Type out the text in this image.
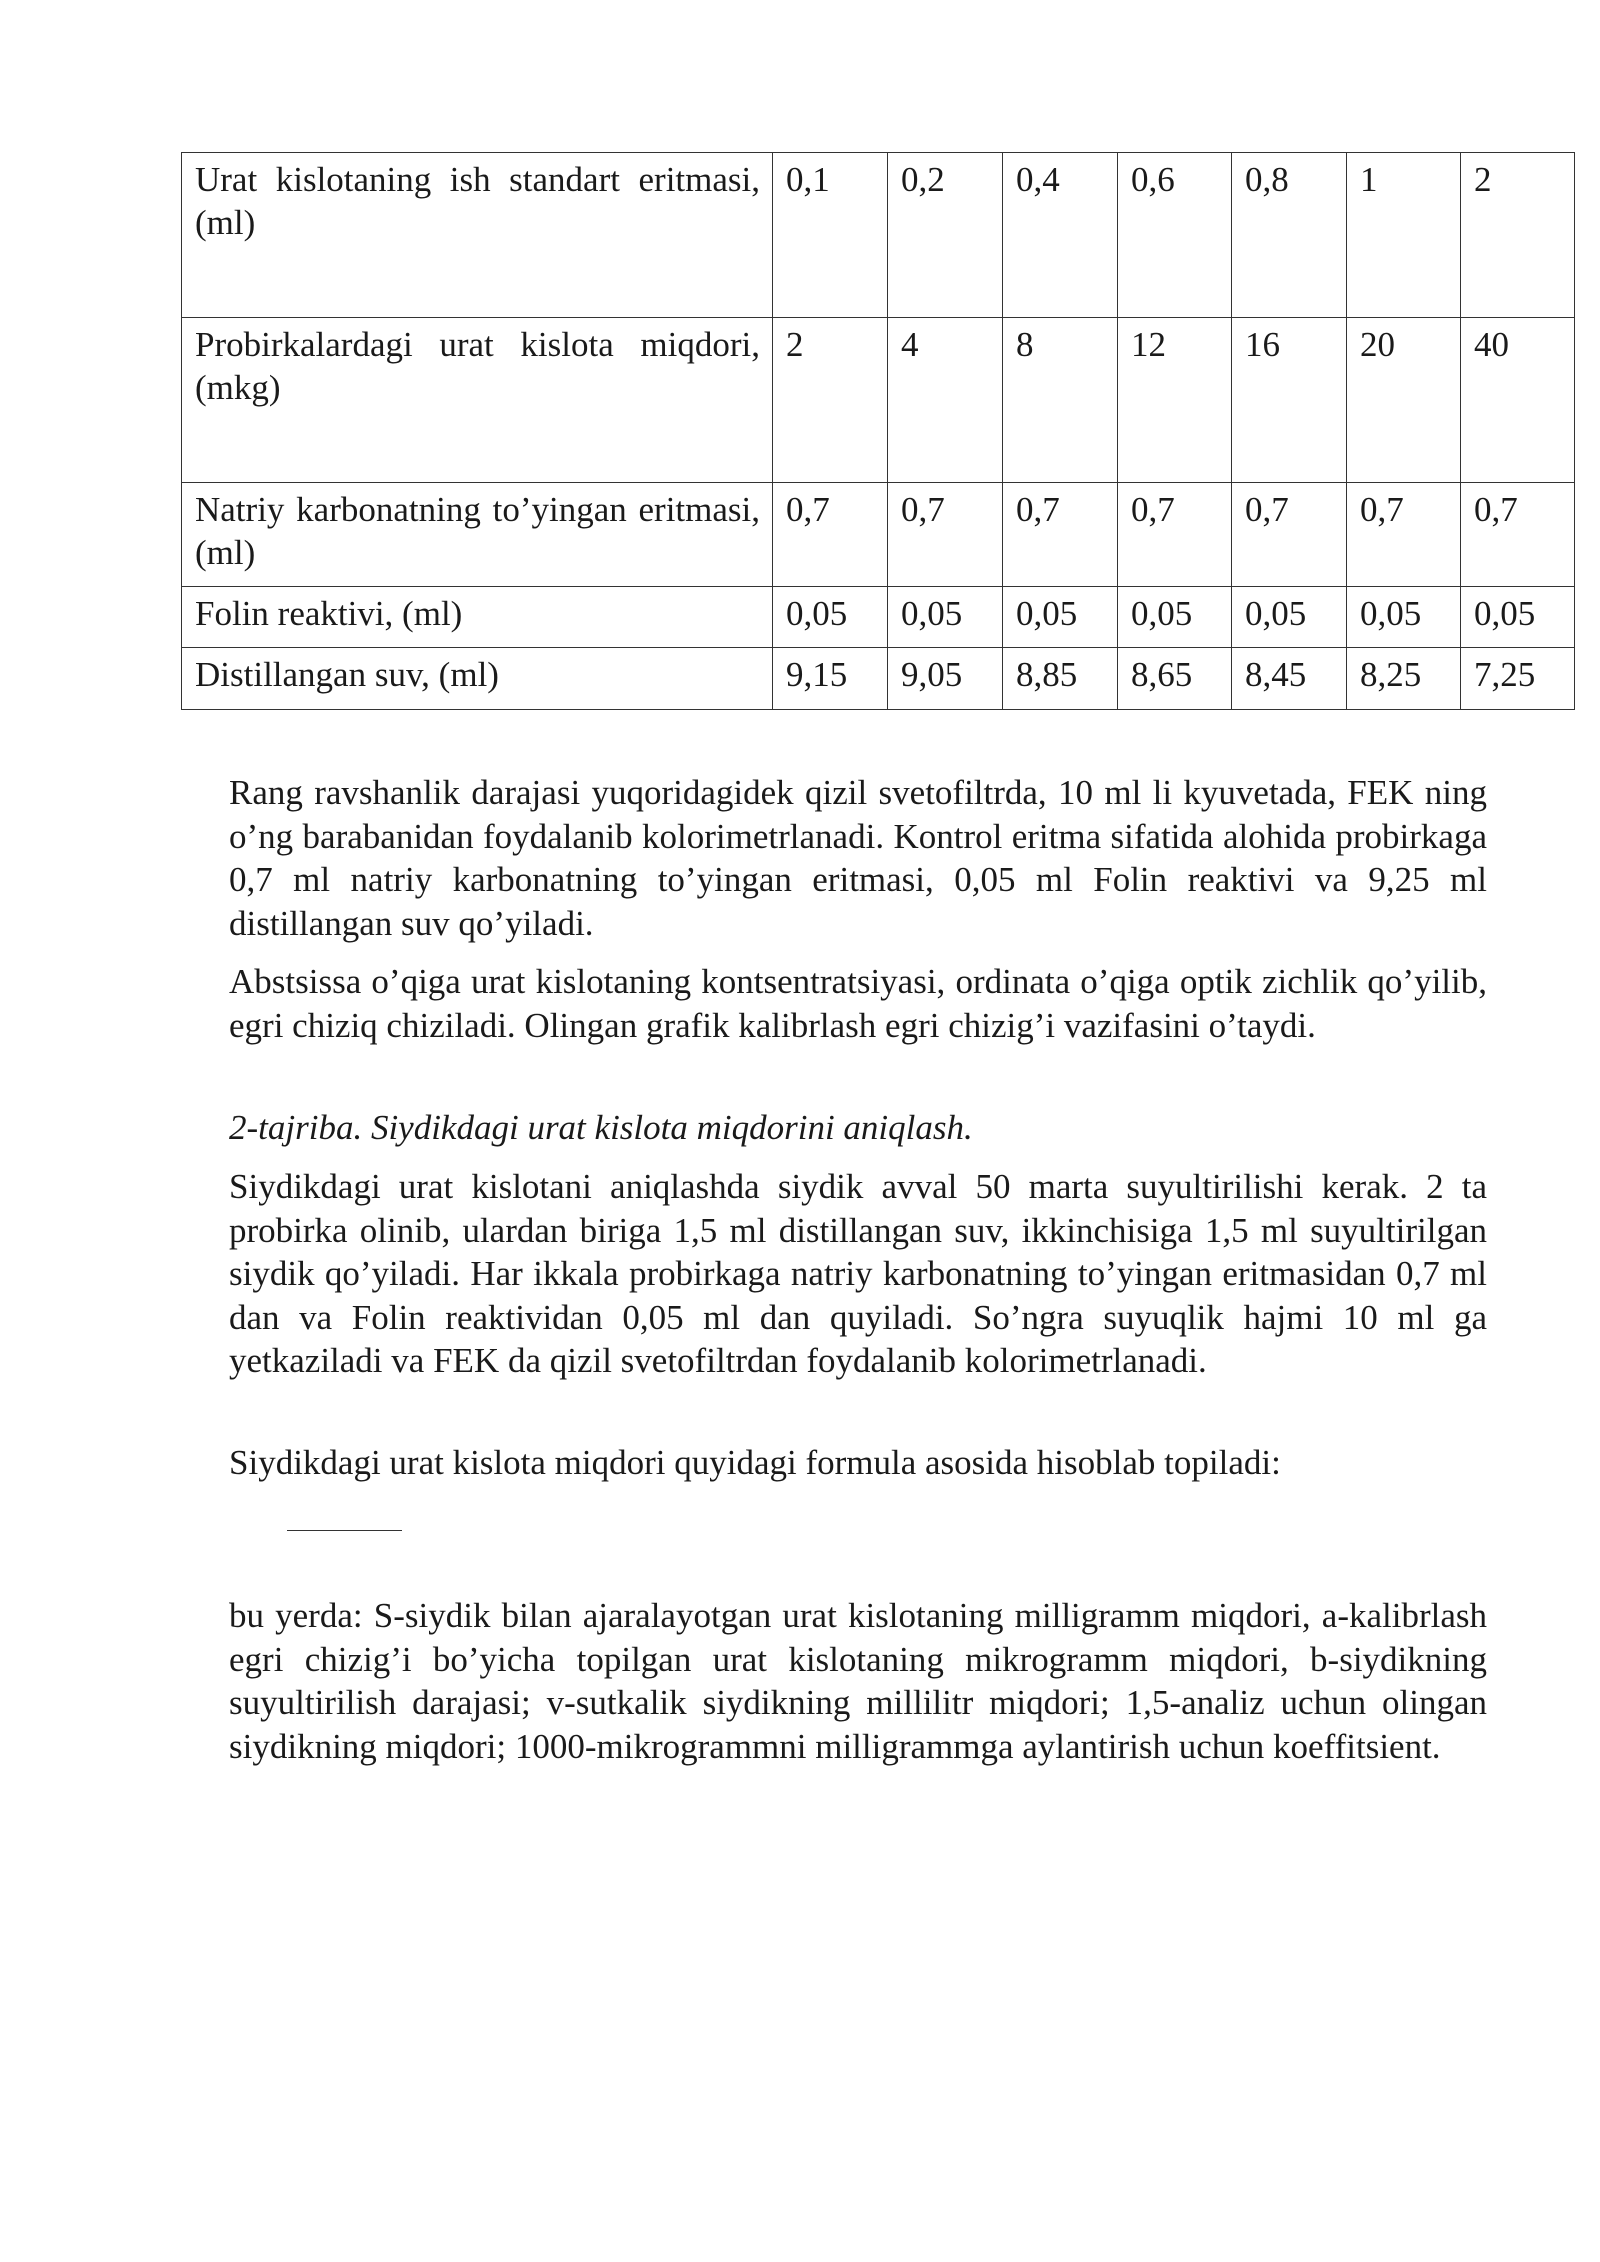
Urat kislotaning ish standart eritmasi, (ml)	0,1	0,2	0,4	0,6	0,8	1	2
Probirkalardagi urat kislota miqdori, (mkg)	2	4	8	12	16	20	40
Natriy karbonatning to’yingan eritmasi, (ml)	0,7	0,7	0,7	0,7	0,7	0,7	0,7
Folin reaktivi, (ml)	0,05	0,05	0,05	0,05	0,05	0,05	0,05
Distillangan suv, (ml)	9,15	9,05	8,85	8,65	8,45	8,25	7,25

Rang ravshanlik darajasi yuqoridagidek qizil svetofiltrda, 10 ml li kyuvetada, FEK ning o’ng barabanidan foydalanib kolorimetrlanadi. Kontrol eritma sifatida alohida probirkaga 0,7 ml natriy karbonatning to’yingan eritmasi, 0,05 ml Folin reaktivi va 9,25 ml distillangan suv qo’yiladi.

Abstsissa o’qiga urat kislotaning kontsentratsiyasi, ordinata o’qiga optik zichlik qo’yilib, egri chiziq chiziladi. Olingan grafik kalibrlash egri chizig’i vazifasini o’taydi.

2-tajriba. Siydikdagi urat kislota miqdorini aniqlash.

Siydikdagi urat kislotani aniqlashda siydik avval 50 marta suyultirilishi kerak. 2 ta probirka olinib, ulardan biriga 1,5 ml distillangan suv, ikkinchisiga 1,5 ml suyultirilgan siydik qo’yiladi. Har ikkala probirkaga natriy karbonatning to’yingan eritmasidan 0,7 ml dan va Folin reaktividan 0,05 ml dan quyiladi. So’ngra suyuqlik hajmi 10 ml ga yetkaziladi va FEK da qizil svetofiltrdan foydalanib kolorimetrlanadi.

Siydikdagi urat kislota miqdori quyidagi formula asosida hisoblab topiladi:

bu yerda: S-siydik bilan ajaralayotgan urat kislotaning milligramm miqdori, a-kalibrlash egri chizig’i bo’yicha topilgan urat kislotaning mikrogramm miqdori, b-siydikning suyultirilish darajasi; v-sutkalik siydikning millilitr miqdori; 1,5-analiz uchun olingan siydikning miqdori; 1000-mikrogrammni milligrammga aylantirish uchun koeffitsient.
